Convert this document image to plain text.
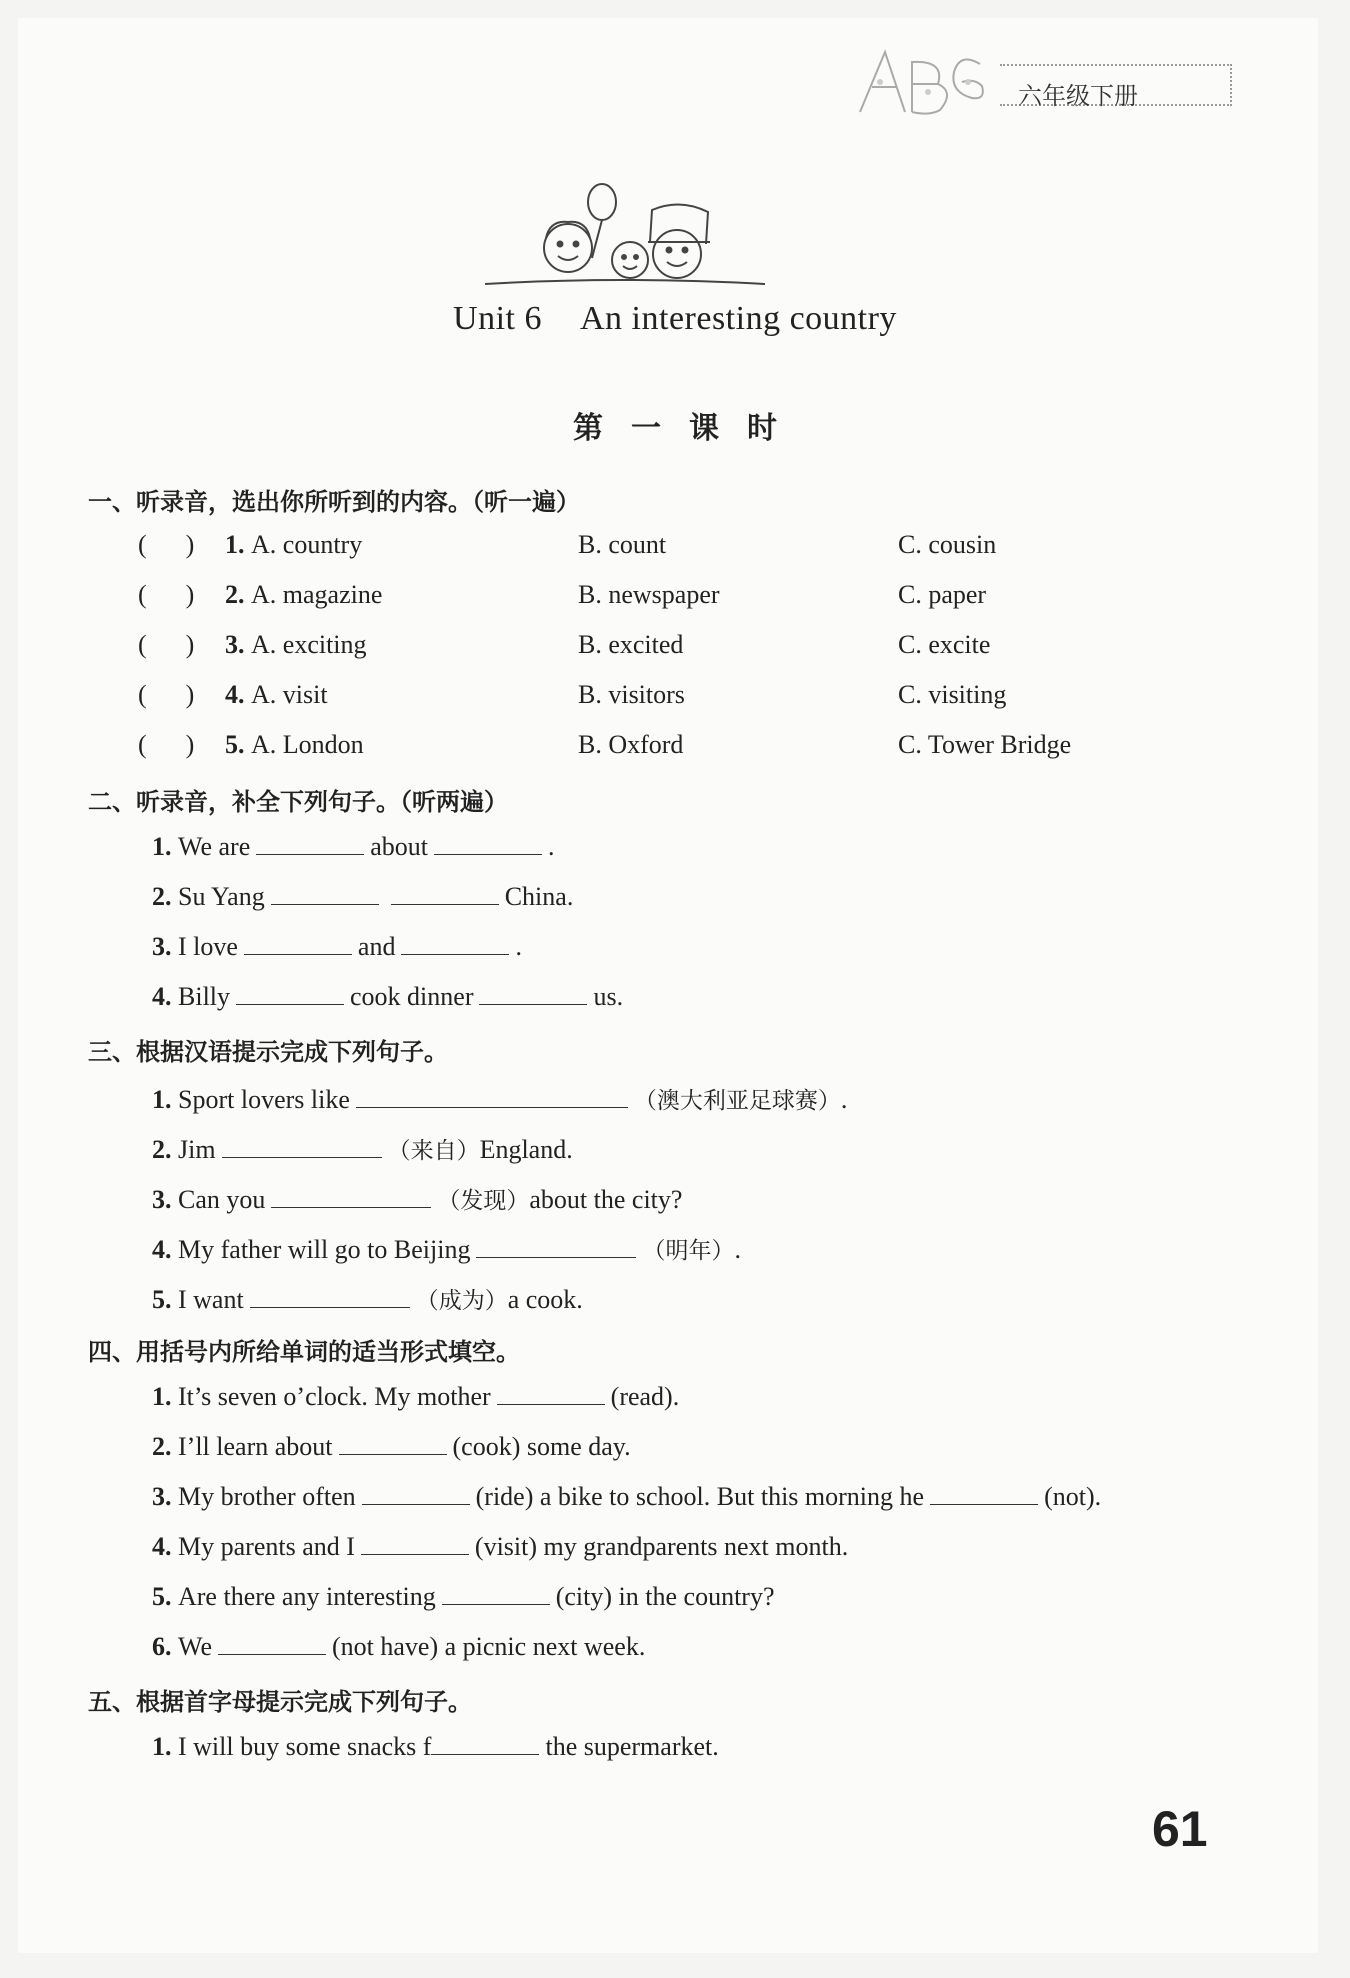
六年级下册
Unit 6 An interesting country
第一课时
一、听录音，选出你所听到的内容。（听一遍）
(      ) 1. A. country	B. count	C. cousin
(      ) 2. A. magazine	B. newspaper	C. paper
(      ) 3. A. exciting	B. excited	C. excite
(      ) 4. A. visit	B. visitors	C. visiting
(      ) 5. A. London	B. Oxford	C. Tower Bridge
二、听录音，补全下列句子。（听两遍）
1. We are	about	.
2. Su Yang	China.
3. I love	and	.
4. Billy	cook dinner	us.
三、根据汉语提示完成下列句子。
1. Sport lovers like	（澳大利亚足球赛）.
2. Jim	（来自）England.
3. Can you	（发现）about the city?
4. My father will go to Beijing	（明年）.
5. I want	（成为）a cook.
四、用括号内所给单词的适当形式填空。
1. It’s seven o’clock. My mother	(read).
2. I’ll learn about	(cook) some day.
3. My brother often	(ride) a bike to school. But this morning he	(not).
4. My parents and I	(visit) my grandparents next month.
5. Are there any interesting	(city) in the country?
6. We	(not have) a picnic next week.
五、根据首字母提示完成下列句子。
1. I will buy some snacks f	the supermarket.
61
